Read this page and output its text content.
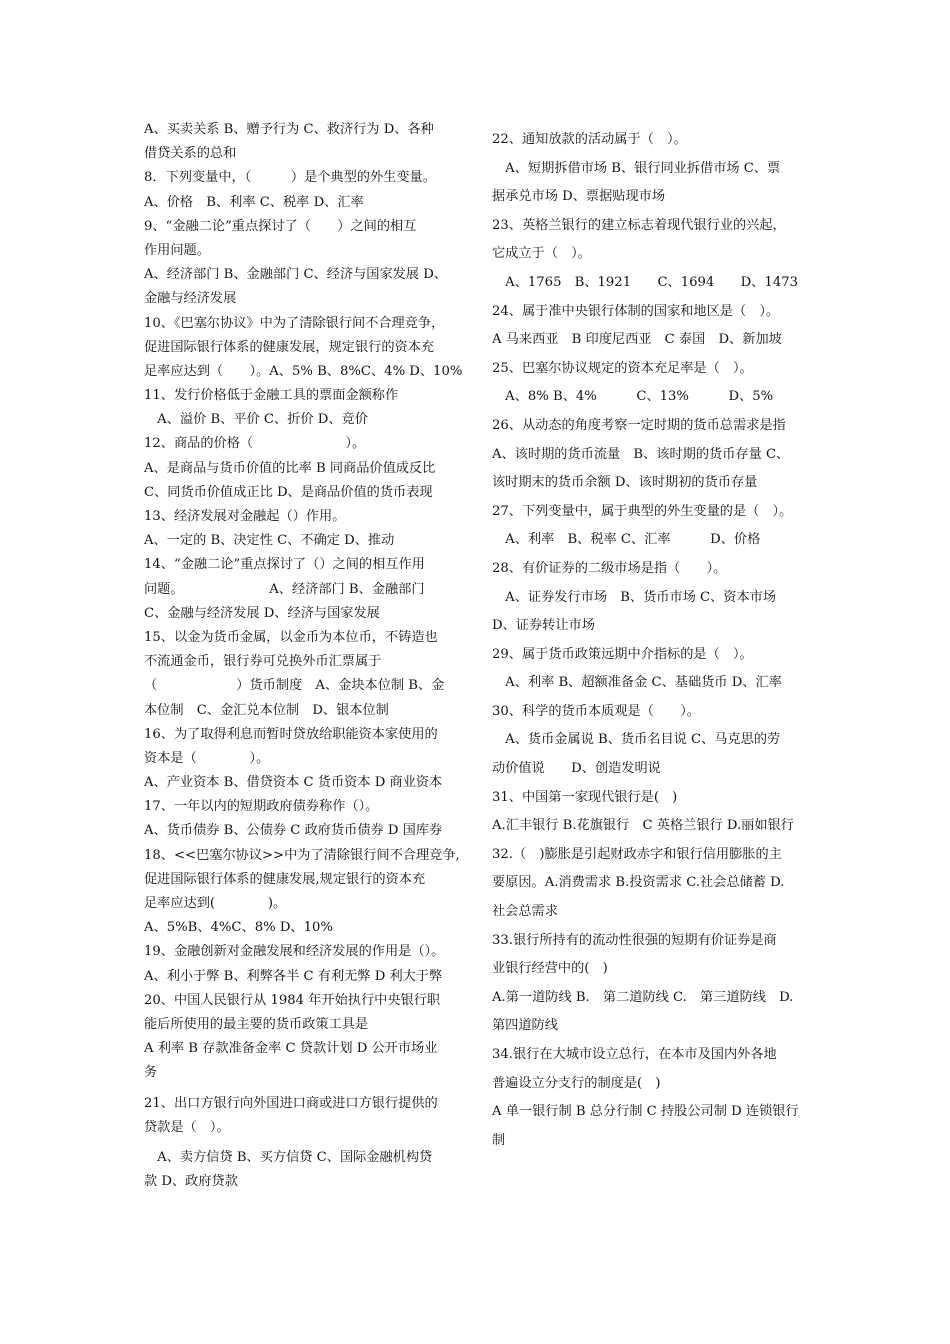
A、买卖关系 B、赠予行为 C、救济行为 D、各种
借贷关系的总和
8．下列变量中，（　　　）是个典型的外生变量。
A、价格　B、利率 C、税率 D、汇率
9、“金融二论”重点探讨了（　　）之间的相互
作用问题。
A、经济部门 B、金融部门 C、经济与国家发展 D、
金融与经济发展
10、《巴塞尔协议》中为了清除银行间不合理竞争，
促进国际银行体系的健康发展，规定银行的资本充
足率应达到（　　）。A、5% B、8%C、4% D、10%
11、发行价格低于金融工具的票面金额称作
　A、溢价 B、平价 C、折价 D、竞价
12、商品的价格（　　　　　　　）。
A、是商品与货币价值的比率 B 同商品价值成反比
C、同货币价值成正比 D、是商品价值的货币表现
13、经济发展对金融起（）作用。
A、一定的 B、决定性 C、不确定 D、推动
14、“金融二论”重点探讨了（）之间的相互作用
问题。　　　　　　　A、经济部门 B、金融部门
C、金融与经济发展 D、经济与国家发展
15、以金为货币金属，以金币为本位币，不铸造也
不流通金币，银行券可兑换外币汇票属于
（　　　　　　）货币制度　A、金块本位制 B、金
本位制　C、金汇兑本位制　D、银本位制
16、为了取得利息而暂时贷放给职能资本家使用的
资本是（　　　　）。
A、产业资本 B、借贷资本 C 货币资本 D 商业资本
17、一年以内的短期政府债券称作（）。
A、货币债券 B、公债券 C 政府货币债券 D 国库券
18、<<巴塞尔协议>>中为了清除银行间不合理竞争,
促进国际银行体系的健康发展,规定银行的资本充
足率应达到(　　　　)。
A、5%B、4%C、8% D、10%
19、金融创新对金融发展和经济发展的作用是（）。
A、利小于弊 B、利弊各半 C 有利无弊 D 利大于弊
20、中国人民银行从 1984 年开始执行中央银行职
能后所使用的最主要的货币政策工具是
A 利率 B 存款准备金率 C 贷款计划 D 公开市场业
务
21、出口方银行向外国进口商或进口方银行提供的
贷款是（　）。
　A、卖方信贷 B、买方信贷 C、国际金融机构贷
款 D、政府贷款
22、通知放款的活动属于（　）。
　A、短期拆借市场 B、银行同业拆借市场 C、票
据承兑市场 D、票据贴现市场
23、英格兰银行的建立标志着现代银行业的兴起，
它成立于（　）。
　A、1765　B、1921　　C、1694　　D、1473
24、属于准中央银行体制的国家和地区是（　）。
A 马来西亚　B 印度尼西亚　C 泰国　D、新加坡
25、巴塞尔协议规定的资本充足率是（　）。
　A、8% B、4%　　　C、13%　　　D、5%
26、从动态的角度考察一定时期的货币总需求是指
A、该时期的货币流量　B、该时期的货币存量 C、
该时期末的货币余额 D、该时期初的货币存量
27、下列变量中，属于典型的外生变量的是（　）。
　A、利率　B、税率 C、汇率　　　D、价格
28、有价证券的二级市场是指（　　）。
　A、证券发行市场　B、货币市场 C、资本市场
D、证券转让市场
29、属于货币政策远期中介指标的是（　）。
　A、利率 B、超额准备金 C、基础货币 D、汇率
30、科学的货币本质观是（　　）。
　A、货币金属说 B、货币名目说 C、马克思的劳
动价值说　　D、创造发明说
31、中国第一家现代银行是(　)
A.汇丰银行 B.花旗银行　C 英格兰银行 D.丽如银行
32.（　)膨胀是引起财政赤字和银行信用膨胀的主
要原因。A.消费需求 B.投资需求 C.社会总储蓄 D.
社会总需求
33.银行所持有的流动性很强的短期有价证券是商
业银行经营中的(　)
A.第一道防线 B.　第二道防线 C.　第三道防线　D.
第四道防线
34.银行在大城市设立总行，在本市及国内外各地
普遍设立分支行的制度是(　)
A 单一银行制 B 总分行制 C 持股公司制 D 连锁银行
制
